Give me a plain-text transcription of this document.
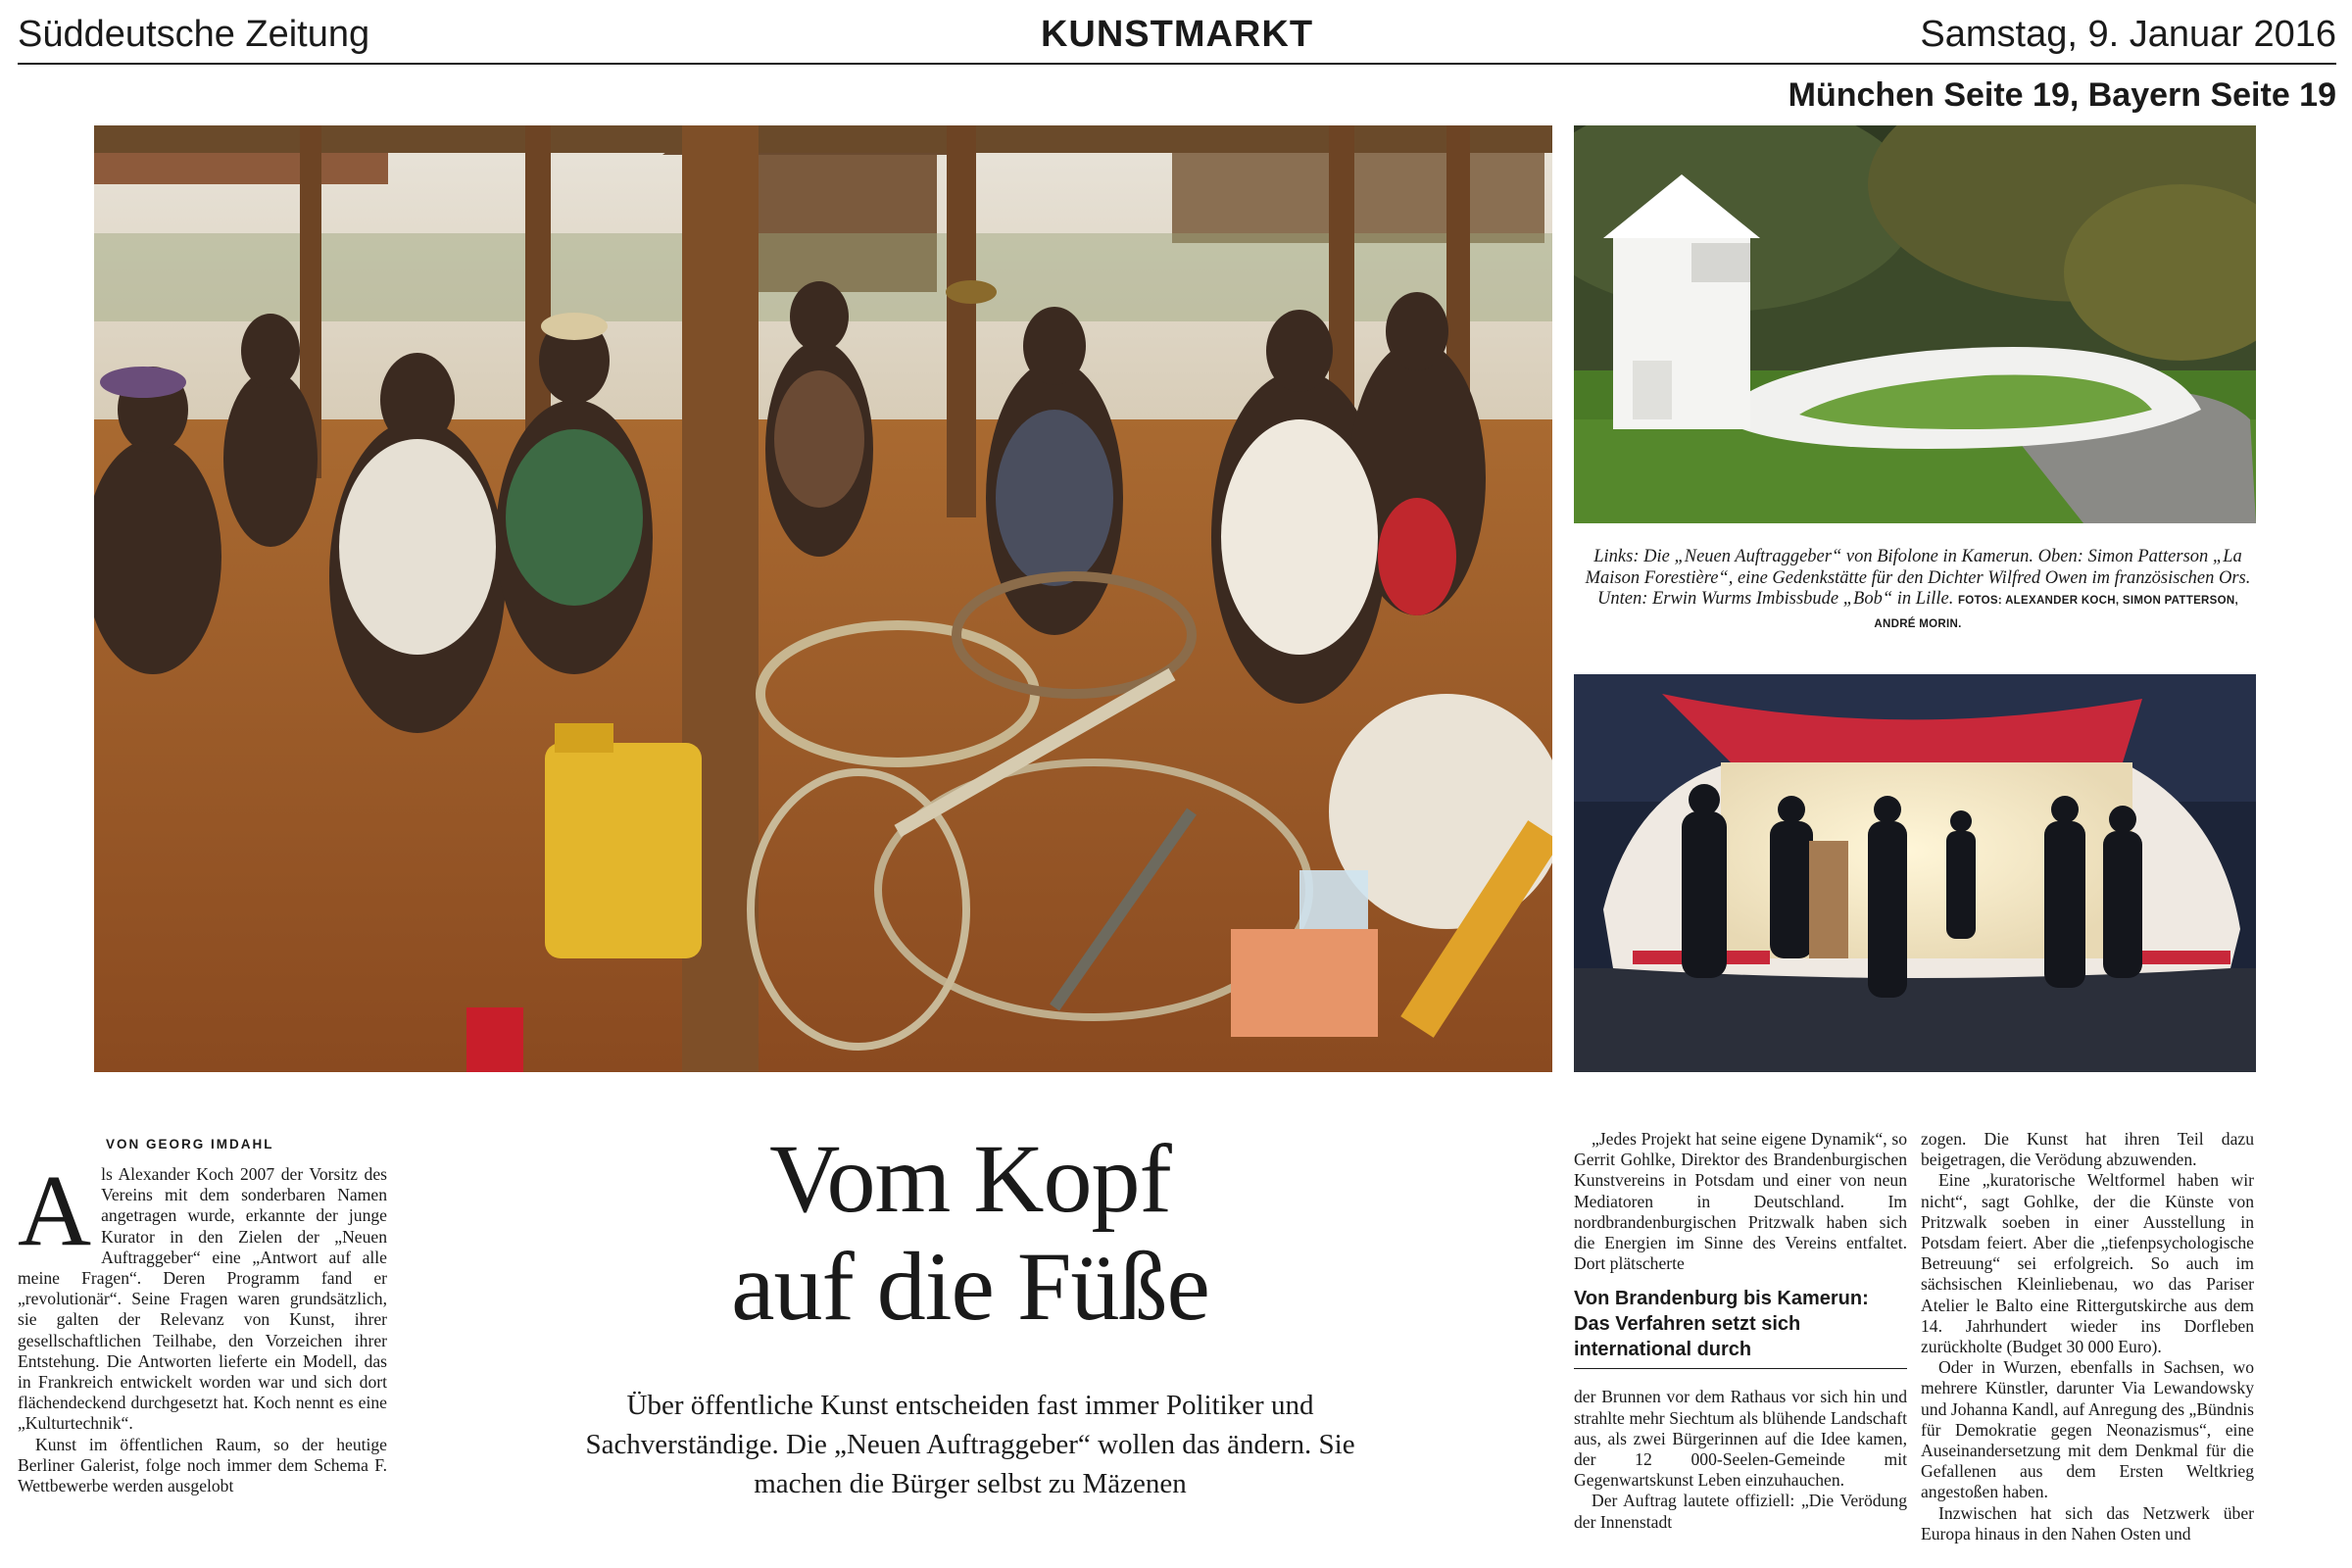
Süddeutsche Zeitung	KUNSTMARKT	Samstag, 9. Januar 2016
München Seite 19, Bayern Seite 19
Links: Die „Neuen Auftraggeber“ von Bifolone in Kamerun. Oben: Simon Patterson „La Maison Forestière“, eine Gedenkstätte für den Dichter Wilfred Owen im französischen Ors. Unten: Erwin Wurms Imbissbude „Bob“ in Lille. FOTOS: ALEXANDER KOCH, SIMON PATTERSON, ANDRÉ MORIN.
VON GEORG IMDAHL
A ls Alexander Koch 2007 der Vorsitz des Vereins mit dem sonderbaren Namen angetragen wurde, erkannte der junge Kurator in den Zielen der „Neuen Auftraggeber“ eine „Antwort auf alle meine Fragen“. Deren Programm fand er „revolutionär“. Seine Fragen waren grundsätzlich, sie galten der Relevanz von Kunst, ihrer gesellschaftlichen Teilhabe, den Vorzeichen ihrer Entstehung. Die Antworten lieferte ein Modell, das in Frankreich entwickelt worden war und sich dort flächendeckend durchgesetzt hat. Koch nennt es eine „Kulturtechnik“.

Kunst im öffentlichen Raum, so der heutige Berliner Galerist, folge noch immer dem Schema F. Wettbewerbe werden ausgelobt

Vom Kopf
auf die Füße
Über öffentliche Kunst entscheiden fast immer Politiker und Sachverständige. Die „Neuen Auftraggeber“ wollen das ändern. Sie machen die Bürger selbst zu Mäzenen

„Jedes Projekt hat seine eigene Dynamik“, so Gerrit Gohlke, Direktor des Brandenburgischen Kunstvereins in Potsdam und einer von neun Mediatoren in Deutschland. Im nordbrandenburgischen Pritzwalk haben sich die Energien im Sinne des Vereins entfaltet. Dort plätscherte

Von Brandenburg bis Kamerun: Das Verfahren setzt sich international durch

der Brunnen vor dem Rathaus vor sich hin und strahlte mehr Siechtum als blühende Landschaft aus, als zwei Bürgerinnen auf die Idee kamen, der 12 000-Seelen-Gemeinde mit Gegenwartskunst Leben einzuhauchen.

Der Auftrag lautete offiziell: „Die Verödung der Innenstadt

zogen. Die Kunst hat ihren Teil dazu beigetragen, die Verödung abzuwenden.

Eine „kuratorische Weltformel haben wir nicht“, sagt Gohlke, der die Künste von Pritzwalk soeben in einer Ausstellung in Potsdam feiert. Aber die „tiefenpsychologische Betreuung“ sei erfolgreich. So auch im sächsischen Kleinliebenau, wo das Pariser Atelier le Balto eine Rittergutskirche aus dem 14. Jahrhundert wieder ins Dorfleben zurückholte (Budget 30 000 Euro).

Oder in Wurzen, ebenfalls in Sachsen, wo mehrere Künstler, darunter Via Lewandowsky und Johanna Kandl, auf Anregung des „Bündnis für Demokratie gegen Neonazismus“, eine Auseinandersetzung mit dem Denkmal für die Gefallenen aus dem Ersten Weltkrieg angestoßen haben.

Inzwischen hat sich das Netzwerk über Europa hinaus in den Nahen Osten und
